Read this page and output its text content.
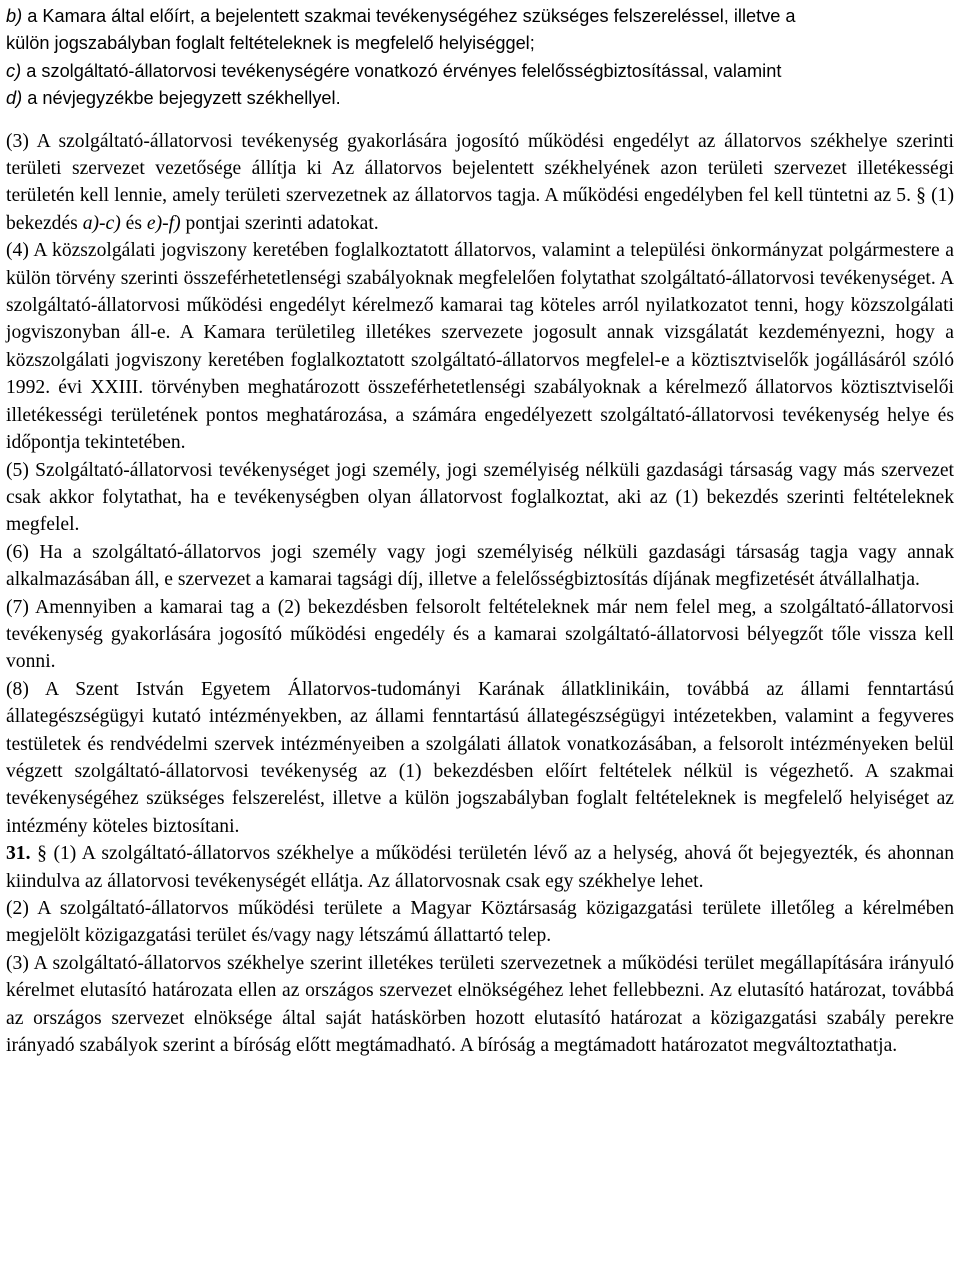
b) a Kamara által előírt, a bejelentett szakmai tevékenységéhez szükséges felszereléssel, illetve a
külön jogszabályban foglalt feltételeknek is megfelelő helyiséggel;
c) a szolgáltató-állatorvosi tevékenységére vonatkozó érvényes felelősségbiztosítással, valamint
d) a névjegyzékbe bejegyzett székhellyel.
(3) A szolgáltató-állatorvosi tevékenység gyakorlására jogosító működési engedélyt az állatorvos székhelye szerinti területi szervezet vezetősége állítja ki Az állatorvos bejelentett székhelyének azon területi szervezet illetékességi területén kell lennie, amely területi szervezetnek az állatorvos tagja. A működési engedélyben fel kell tüntetni az 5. § (1) bekezdés a)-c) és e)-f) pontjai szerinti adatokat.
(4) A közszolgálati jogviszony keretében foglalkoztatott állatorvos, valamint a települési önkormányzat polgármestere a külön törvény szerinti összeférhetetlenségi szabályoknak megfelelően folytathat szolgáltató-állatorvosi tevékenységet. A szolgáltató-állatorvosi működési engedélyt kérelmező kamarai tag köteles arról nyilatkozatot tenni, hogy közszolgálati jogviszonyban áll-e. A Kamara területileg illetékes szervezete jogosult annak vizsgálatát kezdeményezni, hogy a közszolgálati jogviszony keretében foglalkoztatott szolgáltató-állatorvos megfelel-e a köztisztviselők jogállásáról szóló 1992. évi XXIII. törvényben meghatározott összeférhetetlenségi szabályoknak a kérelmező állatorvos köztisztviselői illetékességi területének pontos meghatározása, a számára engedélyezett szolgáltató-állatorvosi tevékenység helye és időpontja tekintetében.
(5) Szolgáltató-állatorvosi tevékenységet jogi személy, jogi személyiség nélküli gazdasági társaság vagy más szervezet csak akkor folytathat, ha e tevékenységben olyan állatorvost foglalkoztat, aki az (1) bekezdés szerinti feltételeknek megfelel.
(6) Ha a szolgáltató-állatorvos jogi személy vagy jogi személyiség nélküli gazdasági társaság tagja vagy annak alkalmazásában áll, e szervezet a kamarai tagsági díj, illetve a felelősségbiztosítás díjának megfizetését átvállalhatja.
(7) Amennyiben a kamarai tag a (2) bekezdésben felsorolt feltételeknek már nem felel meg, a szolgáltató-állatorvosi tevékenység gyakorlására jogosító működési engedély és a kamarai szolgáltató-állatorvosi bélyegzőt tőle vissza kell vonni.
(8) A Szent István Egyetem Állatorvos-tudományi Karának állatklinikáin, továbbá az állami fenntartású állategészségügyi kutató intézményekben, az állami fenntartású állategészségügyi intézetekben, valamint a fegyveres testületek és rendvédelmi szervek intézményeiben a szolgálati állatok vonatkozásában, a felsorolt intézményeken belül végzett szolgáltató-állatorvosi tevékenység az (1) bekezdésben előírt feltételek nélkül is végezhető. A szakmai tevékenységéhez szükséges felszerelést, illetve a külön jogszabályban foglalt feltételeknek is megfelelő helyiséget az intézmény köteles biztosítani.
31. § (1) A szolgáltató-állatorvos székhelye a működési területén lévő az a helység, ahová őt bejegyezték, és ahonnan kiindulva az állatorvosi tevékenységét ellátja. Az állatorvosnak csak egy székhelye lehet.
(2) A szolgáltató-állatorvos működési területe a Magyar Köztársaság közigazgatási területe illetőleg a kérelmében megjelölt közigazgatási terület és/vagy nagy létszámú állattartó telep.
(3) A szolgáltató-állatorvos székhelye szerint illetékes területi szervezetnek a működési terület megállapítására irányuló kérelmet elutasító határozata ellen az országos szervezet elnökségéhez lehet fellebbezni. Az elutasító határozat, továbbá az országos szervezet elnöksége által saját hatáskörben hozott elutasító határozat a közigazgatási szabály perekre irányadó szabályok szerint a bíróság előtt megtámadható. A bíróság a megtámadott határozatot megváltoztathatja.
